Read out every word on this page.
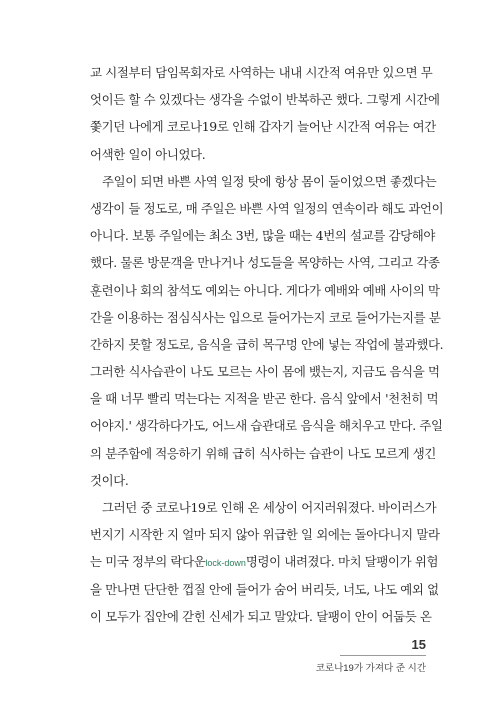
교 시절부터 담임목회자로 사역하는 내내 시간적 여유만 있으면 무
엇이든 할 수 있겠다는 생각을 수없이 반복하곤 했다. 그렇게 시간에
쫓기던 나에게 코로나19로 인해 갑자기 늘어난 시간적 여유는 여간
어색한 일이 아니었다.
주일이 되면 바쁜 사역 일정 탓에 항상 몸이 둘이었으면 좋겠다는
생각이 들 정도로, 매 주일은 바쁜 사역 일정의 연속이라 해도 과언이
아니다. 보통 주일에는 최소 3번, 많을 때는 4번의 설교를 감당해야
했다. 물론 방문객을 만나거나 성도들을 목양하는 사역, 그리고 각종
훈련이나 회의 참석도 예외는 아니다. 게다가 예배와 예배 사이의 막
간을 이용하는 점심식사는 입으로 들어가는지 코로 들어가는지를 분
간하지 못할 정도로, 음식을 급히 목구멍 안에 넣는 작업에 불과했다.
그러한 식사습관이 나도 모르는 사이 몸에 뱄는지, 지금도 음식을 먹
을 때 너무 빨리 먹는다는 지적을 받곤 한다. 음식 앞에서 '천천히 먹
어야지.' 생각하다가도, 어느새 습관대로 음식을 해치우고 만다. 주일
의 분주함에 적응하기 위해 급히 식사하는 습관이 나도 모르게 생긴
것이다.
그러던 중 코로나19로 인해 온 세상이 어지러워졌다. 바이러스가
번지기 시작한 지 얼마 되지 않아 위급한 일 외에는 돌아다니지 말라
는 미국 정부의 락다운lock-down명령이 내려졌다. 마치 달팽이가 위험
을 만나면 단단한 껍질 안에 들어가 숨어 버리듯, 너도, 나도 예외 없
이 모두가 집안에 갇힌 신세가 되고 말았다. 달팽이 안이 어둡듯 온
15
코로나19가 가져다 준 시간
